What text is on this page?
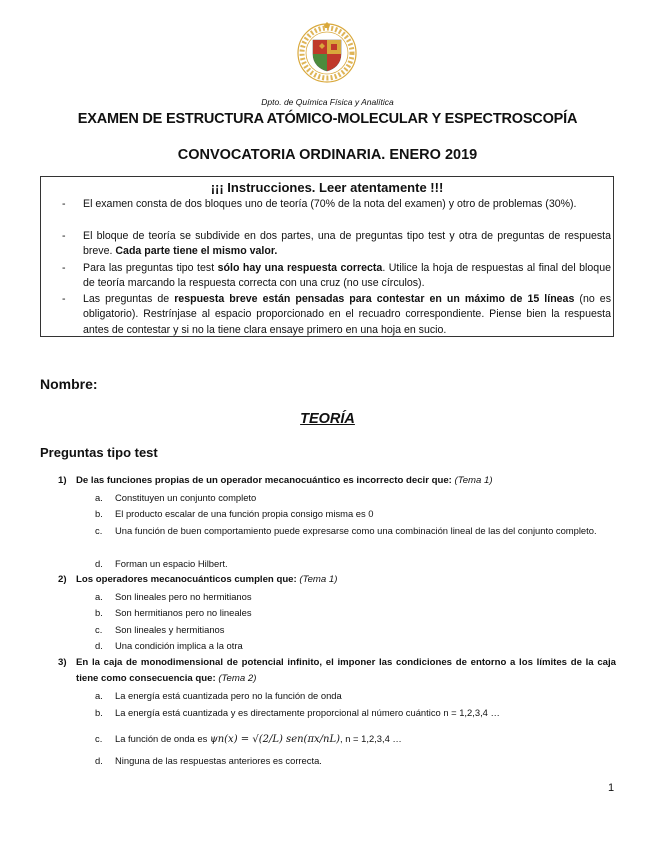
Dpto. de Química Física y Analítica
EXAMEN DE ESTRUCTURA ATÓMICO-MOLECULAR Y ESPECTROSCOPÍA
CONVOCATORIA ORDINARIA. ENERO 2019
¡¡¡ Instrucciones. Leer atentamente !!!
- El examen consta de dos bloques uno de teoría (70% de la nota del examen) y otro de problemas (30%).
- El bloque de teoría se subdivide en dos partes, una de preguntas tipo test y otra de preguntas de respuesta breve. Cada parte tiene el mismo valor.
- Para las preguntas tipo test sólo hay una respuesta correcta. Utilice la hoja de respuestas al final del bloque de teoría marcando la respuesta correcta con una cruz (no use círculos).
- Las preguntas de respuesta breve están pensadas para contestar en un máximo de 15 líneas (no es obligatorio). Restrínjase al espacio proporcionado en el recuadro correspondiente. Piense bien la respuesta antes de contestar y si no la tiene clara ensaye primero en una hoja en sucio.
Nombre:
TEORÍA
Preguntas tipo test
1) De las funciones propias de un operador mecanocuántico es incorrecto decir que: (Tema 1)
a. Constituyen un conjunto completo
b. El producto escalar de una función propia consigo misma es 0
c. Una función de buen comportamiento puede expresarse como una combinación lineal de las del conjunto completo.
d. Forman un espacio Hilbert.
2) Los operadores mecanocuánticos cumplen que: (Tema 1)
a. Son lineales pero no hermitianos
b. Son hermitianos pero no lineales
c. Son lineales y hermitianos
d. Una condición implica a la otra
3) En la caja de monodimensional de potencial infinito, el imponer las condiciones de entorno a los límites de la caja tiene como consecuencia que: (Tema 2)
a. La energía está cuantizada pero no la función de onda
b. La energía está cuantizada y es directamente proporcional al número cuántico n = 1,2,3,4 …
c. La función de onda es ψn(x) = √(2/L) sen(πx/nL), n = 1,2,3,4 …
d. Ninguna de las respuestas anteriores es correcta.
1
